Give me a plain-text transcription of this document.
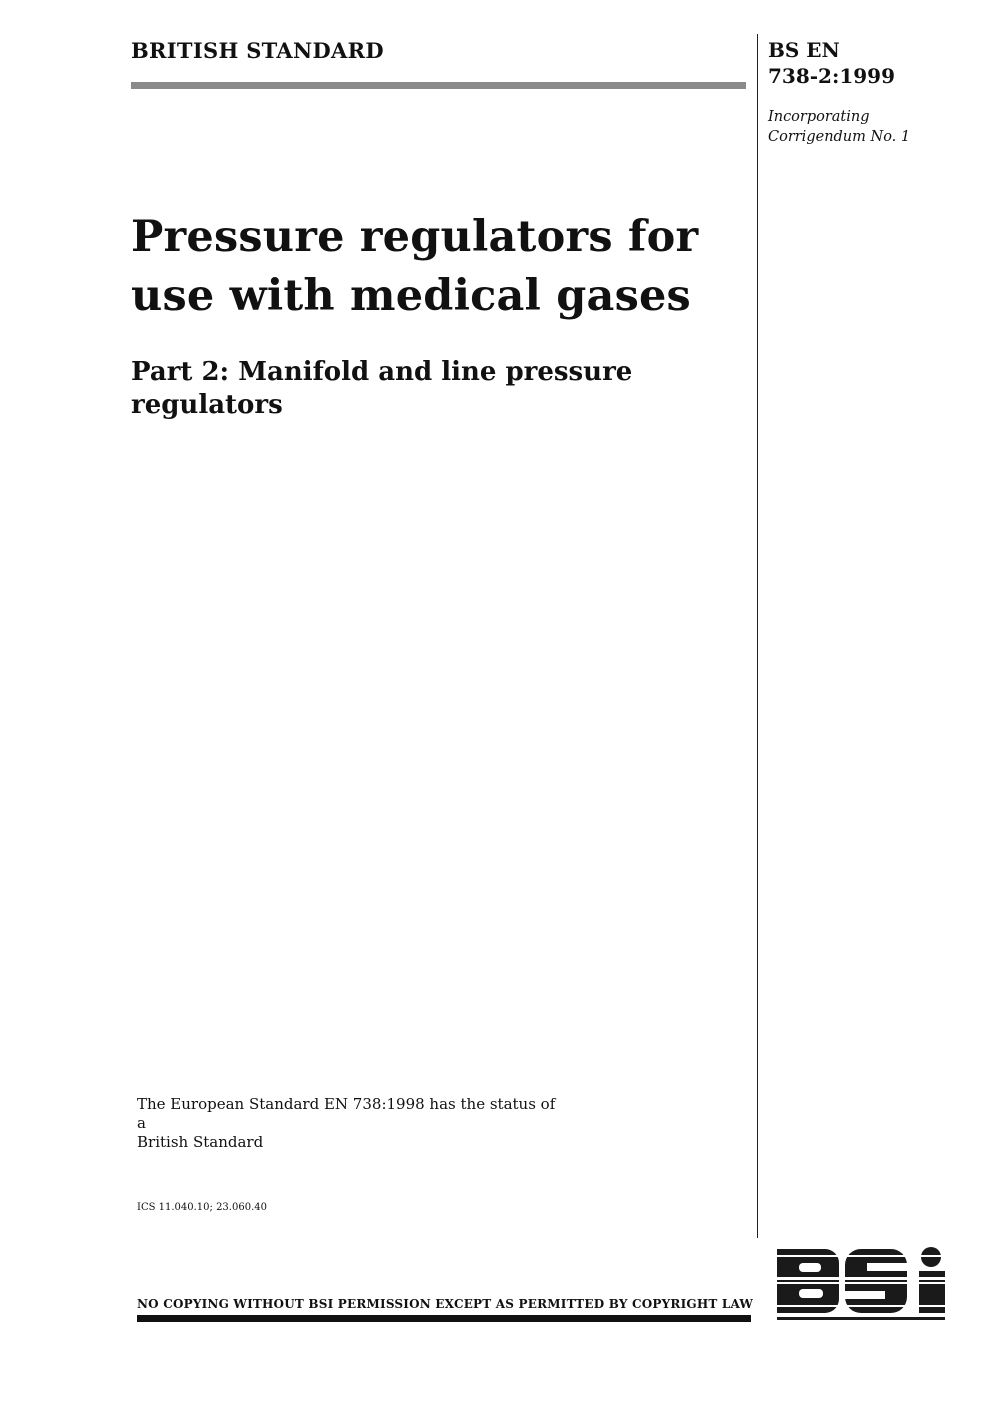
BRITISH STANDARD	BS EN
738-2:1999
Incorporating
Corrigendum No. 1
Pressure regulators for
use with medical gases
Part 2: Manifold and line pressure
regulators
The European Standard EN 738:1998 has the status of a
British Standard
ICS 11.040.10; 23.060.40
NO COPYING WITHOUT BSI PERMISSION EXCEPT AS PERMITTED BY COPYRIGHT LAW
